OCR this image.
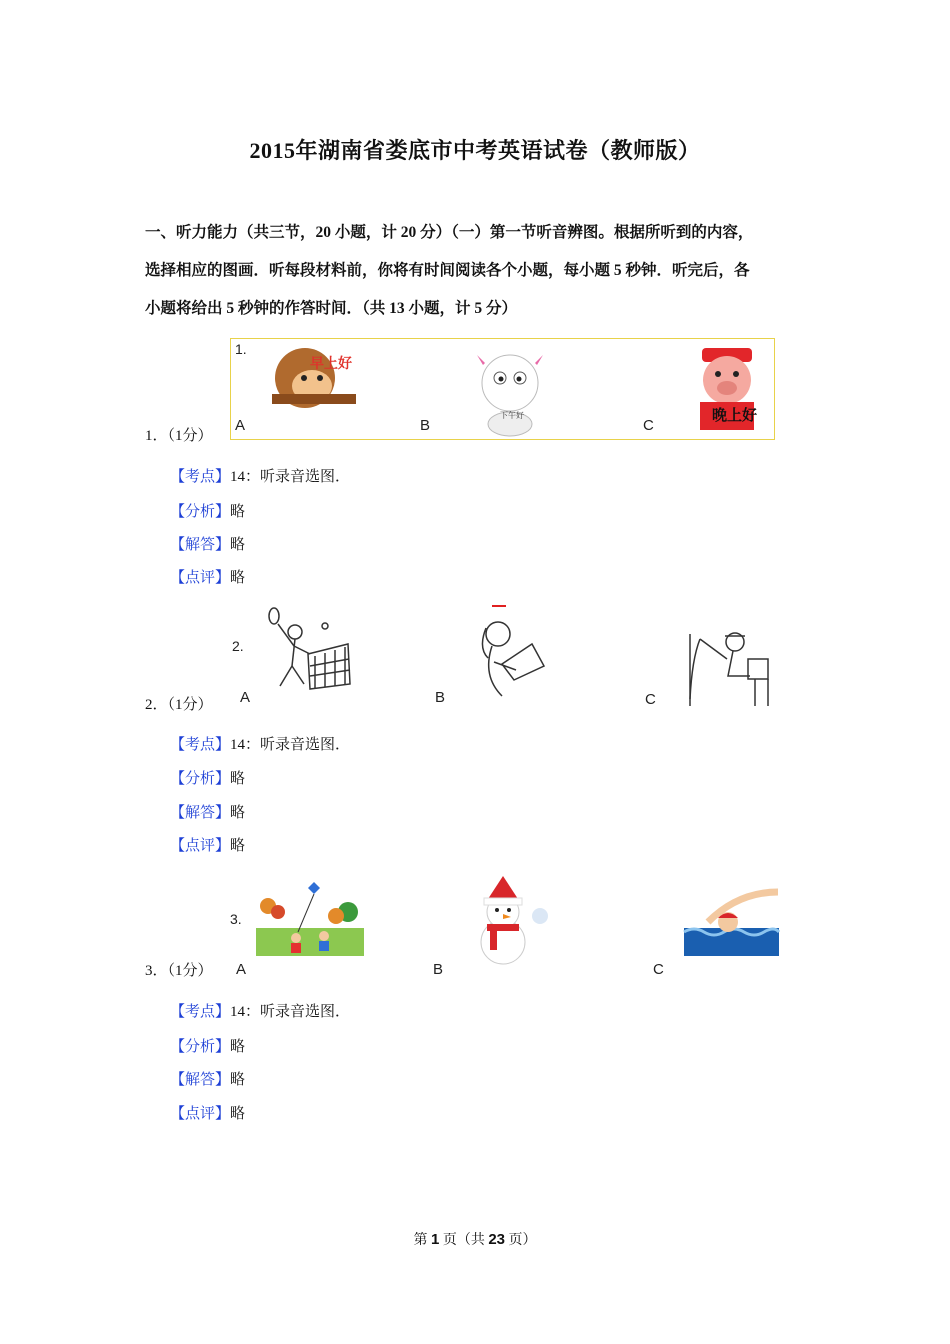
2015年湖南省娄底市中考英语试卷（教师版）
一、听力能力（共三节，20 小题，计 20 分）（一）第一节听音辨图。根据所听到的内容，
选择相应的图画．听每段材料前，你将有时间阅读各个小题，每小题 5 秒钟．听完后，各
小题将给出 5 秒钟的作答时间．（共 13 小题，计 5 分）
1.
早上好
A
下午好
B
晚上好
C
1．（1分）
【考点】14：听录音选图．
【分析】略
【解答】略
【点评】略
2.
A	B	C
2．（1分）
【考点】14：听录音选图．
【分析】略
【解答】略
【点评】略
3.
A	B	C
3．（1分）
【考点】14：听录音选图．
【分析】略
【解答】略
【点评】略
第 1 页（共 23 页）
